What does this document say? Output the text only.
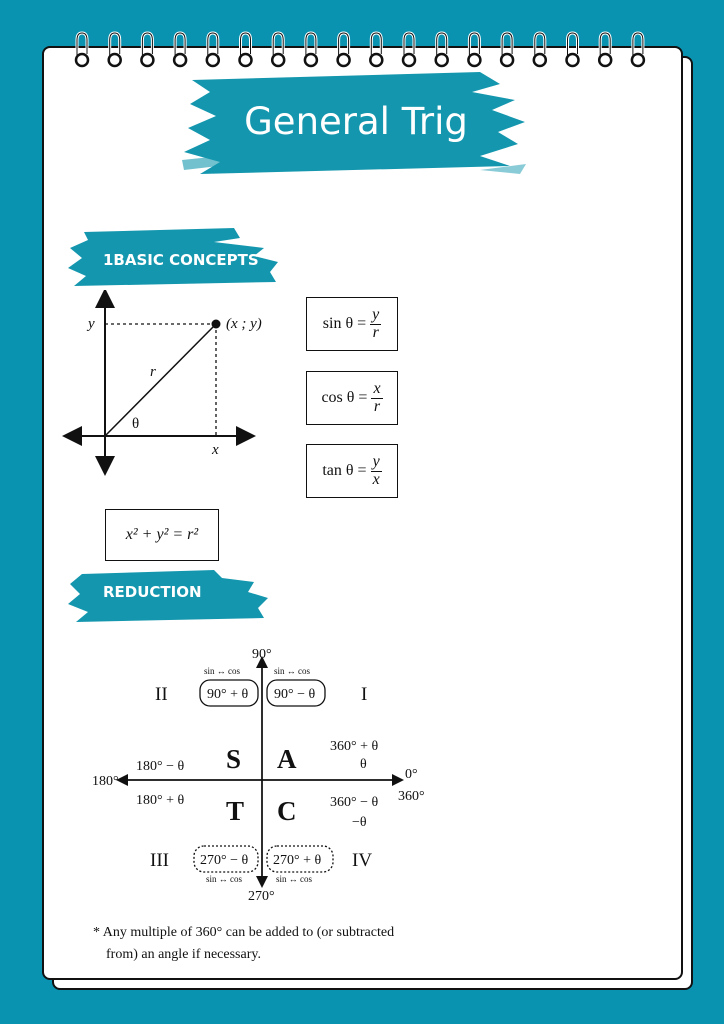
General Trig
1BASIC CONCEPTS
y
x
r
θ
(x ; y)	$\sin \theta = \frac{y}{r}$
$\cos \theta = \frac{x}{r}$
$\tan \theta = \frac{y}{x}$
x² + y² = r²
REDUCTION
90°
270°
180°	0°
360°
II	I
III	IV
sin ↔ cos	sin ↔ cos
sin ↔ cos	sin ↔ cos
90° + θ 90° − θ
270° − θ 270° + θ
180° − θ
180° + θ
360° + θ
θ
360° − θ
−θ
S A
T C
* Any multiple of 360° can be added to (or subtracted
from) an angle if necessary.
